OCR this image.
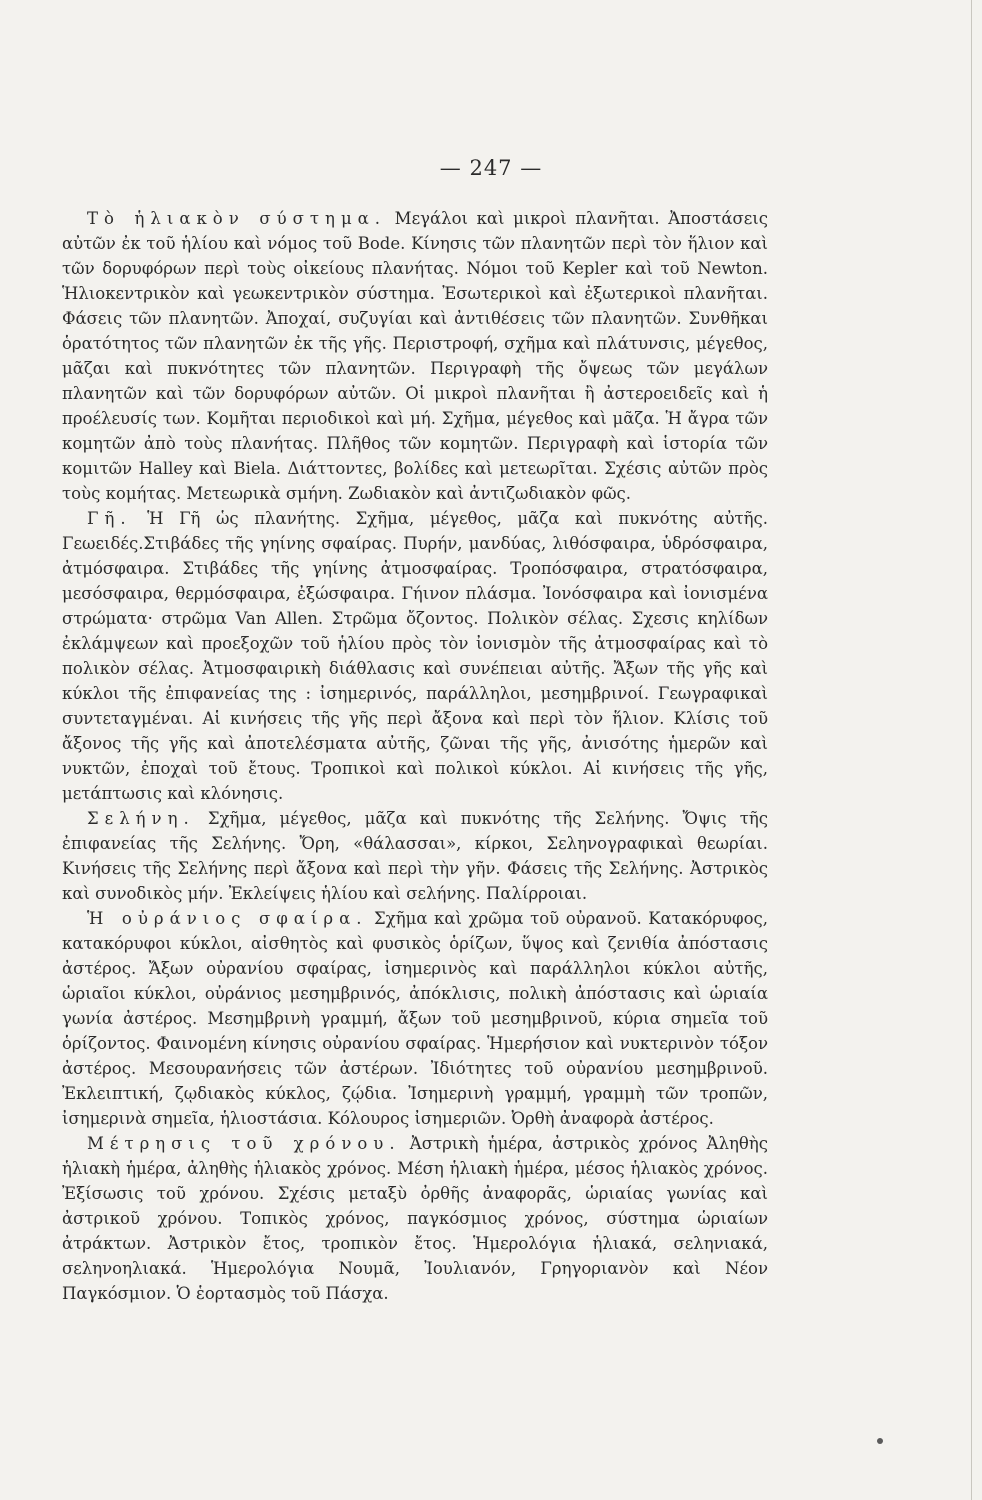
— 247 —

Τὸ ἡλιακὸν σύστημα. Μεγάλοι καὶ μικροὶ πλανῆται. Ἀποστάσεις αὐτῶν ἐκ τοῦ ἡλίου καὶ νόμος τοῦ Bode. Κίνησις τῶν πλανητῶν περὶ τὸν ἥλιον καὶ τῶν δορυφόρων περὶ τοὺς οἰκείους πλανήτας. Νόμοι τοῦ Kepler καὶ τοῦ Newton. Ἡλιοκεντρικὸν καὶ γεωκεντρικὸν σύστημα. Ἐσωτερικοὶ καὶ ἐξωτερικοὶ πλανῆται. Φάσεις τῶν πλανητῶν. Ἀποχαί, συζυγίαι καὶ ἀντιθέσεις τῶν πλανητῶν. Συνθῆκαι ὁρατότητος τῶν πλανητῶν ἐκ τῆς γῆς. Περιστροφή, σχῆμα καὶ πλάτυνσις, μέγεθος, μᾶζαι καὶ πυκνότητες τῶν πλανητῶν. Περιγραφὴ τῆς ὄψεως τῶν μεγάλων πλανητῶν καὶ τῶν δορυφόρων αὐτῶν. Οἱ μικροὶ πλανῆται ἢ ἀστεροειδεῖς καὶ ἡ προέλευσίς των. Κομῆται περιοδικοὶ καὶ μή. Σχῆμα, μέγεθος καὶ μᾶζα. Ἡ ἄγρα τῶν κομητῶν ἀπὸ τοὺς πλανήτας. Πλῆθος τῶν κομητῶν. Περιγραφὴ καὶ ἱστορία τῶν κομιτῶν Halley καὶ Biela. Διάττοντες, βολίδες καὶ μετεωρῖται. Σχέσις αὐτῶν πρὸς τοὺς κομήτας. Μετεωρικὰ σμήνη. Ζωδιακὸν καὶ ἀντιζωδιακὸν φῶς.

Γῆ. Ἡ Γῆ ὡς πλανήτης. Σχῆμα, μέγεθος, μᾶζα καὶ πυκνότης αὐτῆς. Γεωειδές.Στιβάδες τῆς γηίνης σφαίρας. Πυρήν, μανδύας, λιθόσφαιρα, ὑδρόσφαιρα, ἀτμόσφαιρα. Στιβάδες τῆς γηίνης ἀτμοσφαίρας. Τροπόσφαιρα, στρατόσφαιρα, μεσόσφαιρα, θερμόσφαιρα, ἐξώσφαιρα. Γήινον πλάσμα. Ἰονόσφαιρα καὶ ἰονισμένα στρώματα· στρῶμα Van Allen. Στρῶμα ὄζοντος. Πολικὸν σέλας. Σχεσις κηλίδων ἐκλάμψεων καὶ προεξοχῶν τοῦ ἡλίου πρὸς τὸν ἰονισμὸν τῆς ἀτμοσφαίρας καὶ τὸ πολικὸν σέλας. Ἀτμοσφαιρικὴ διάθλασις καὶ συνέπειαι αὐτῆς. Ἄξων τῆς γῆς καὶ κύκλοι τῆς ἐπιφανείας της : ἰσημερινός, παράλληλοι, μεσημβρινοί. Γεωγραφικαὶ συντεταγμέναι. Αἱ κινήσεις τῆς γῆς περὶ ἄξονα καὶ περὶ τὸν ἥλιον. Κλίσις τοῦ ἄξονος τῆς γῆς καὶ ἀποτελέσματα αὐτῆς, ζῶναι τῆς γῆς, ἀνισότης ἡμερῶν καὶ νυκτῶν, ἐποχαὶ τοῦ ἔτους. Τροπικοὶ καὶ πολικοὶ κύκλοι. Αἱ κινήσεις τῆς γῆς, μετάπτωσις καὶ κλόνησις.

Σελήνη. Σχῆμα, μέγεθος, μᾶζα καὶ πυκνότης τῆς Σελήνης. Ὄψις τῆς ἐπιφανείας τῆς Σελήνης. Ὄρη, «θάλασσαι», κίρκοι, Σεληνογραφικαὶ θεωρίαι. Κινήσεις τῆς Σελήνης περὶ ἄξονα καὶ περὶ τὴν γῆν. Φάσεις τῆς Σελήνης. Ἀστρικὸς καὶ συνοδικὸς μήν. Ἐκλείψεις ἡλίου καὶ σελήνης. Παλίρροιαι.

Ἡ οὐράνιος σφαίρα. Σχῆμα καὶ χρῶμα τοῦ οὐρανοῦ. Κατακόρυφος, κατακόρυφοι κύκλοι, αἰσθητὸς καὶ φυσικὸς ὁρίζων, ὕψος καὶ ζενιθία ἀπόστασις ἀστέρος. Ἄξων οὐρανίου σφαίρας, ἰσημερινὸς καὶ παράλληλοι κύκλοι αὐτῆς, ὡριαῖοι κύκλοι, οὐράνιος μεσημβρινός, ἀπόκλισις, πολικὴ ἀπόστασις καὶ ὡριαία γωνία ἀστέρος. Μεσημβρινὴ γραμμή, ἄξων τοῦ μεσημβρινοῦ, κύρια σημεῖα τοῦ ὁρίζοντος. Φαινομένη κίνησις οὐρανίου σφαίρας. Ἡμερήσιον καὶ νυκτερινὸν τόξον ἀστέρος. Μεσουρανήσεις τῶν ἀστέρων. Ἰδιότητες τοῦ οὐρανίου μεσημβρινοῦ. Ἐκλειπτική, ζῳδιακὸς κύκλος, ζῴδια. Ἰσημερινὴ γραμμή, γραμμὴ τῶν τροπῶν, ἰσημερινὰ σημεῖα, ἡλιοστάσια. Κόλουρος ἰσημεριῶν. Ὀρθὴ ἀναφορὰ ἀστέρος.

Μέτρησις τοῦ χρόνου. Ἀστρικὴ ἡμέρα, ἀστρικὸς χρόνος Ἀληθὴς ἡλιακὴ ἡμέρα, ἀληθὴς ἡλιακὸς χρόνος. Μέση ἡλιακὴ ἡμέρα, μέσος ἡλιακὸς χρόνος. Ἐξίσωσις τοῦ χρόνου. Σχέσις μεταξὺ ὀρθῆς ἀναφορᾶς, ὡριαίας γωνίας καὶ ἀστρικοῦ χρόνου. Τοπικὸς χρόνος, παγκόσμιος χρόνος, σύστημα ὡριαίων ἀτράκτων. Ἀστρικὸν ἔτος, τροπικὸν ἔτος. Ἡμερολόγια ἡλιακά, σεληνιακά, σεληνοηλιακά. Ἡμερολόγια Νουμᾶ, Ἰουλιανόν, Γρηγοριανὸν καὶ Νέον Παγκόσμιον. Ὁ ἑορτασμὸς τοῦ Πάσχα.
